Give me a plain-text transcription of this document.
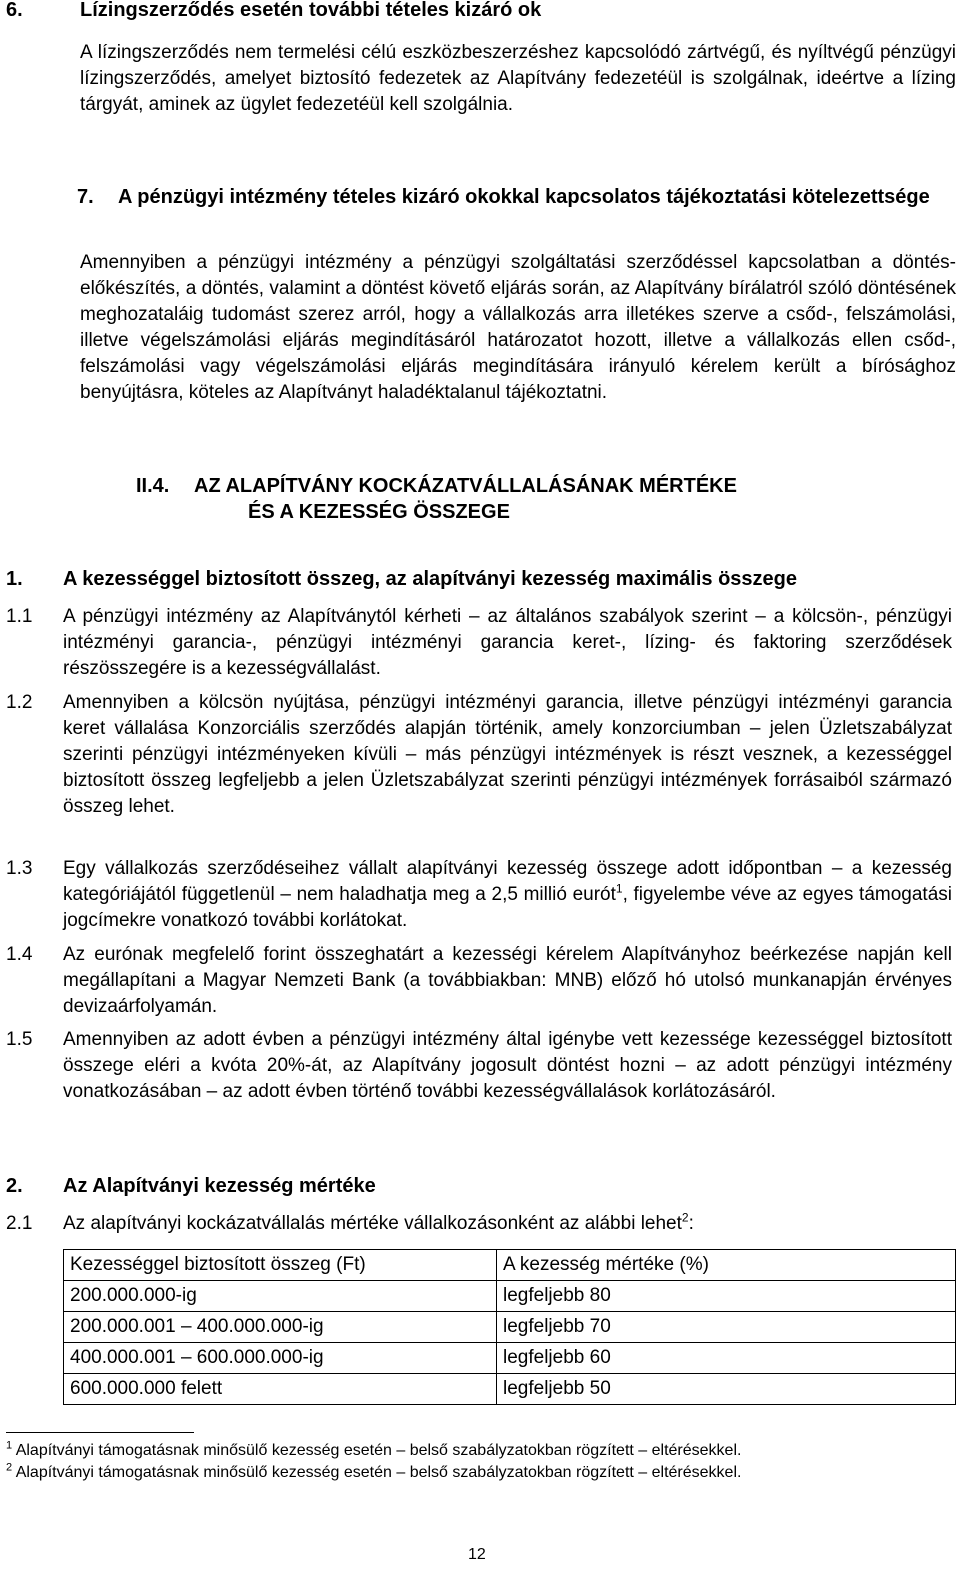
6.	Lízingszerződés esetén további tételes kizáró ok
A lízingszerződés nem termelési célú eszközbeszerzéshez kapcsolódó zártvégű, és nyíltvégű pénzügyi lízingszerződés, amelyet biztosító fedezetek az Alapítvány fedezetéül is szolgálnak, ideértve a lízing tárgyát, aminek az ügylet fedezetéül kell szolgálnia.
7.	A pénzügyi intézmény tételes kizáró okokkal kapcsolatos tájékoztatási kötelezettsége
Amennyiben a pénzügyi intézmény a pénzügyi szolgáltatási szerződéssel kapcsolatban a döntés-előkészítés, a döntés, valamint a döntést követő eljárás során, az Alapítvány bírálatról szóló döntésének meghozataláig tudomást szerez arról, hogy a vállalkozás arra illetékes szerve a csőd-, felszámolási, illetve végelszámolási eljárás megindításáról határozatot hozott, illetve a vállalkozás ellen csőd-, felszámolási vagy végelszámolási eljárás megindítására irányuló kérelem került a bírósághoz benyújtásra, köteles az Alapítványt haladéktalanul tájékoztatni.
II.4. AZ ALAPÍTVÁNY KOCKÁZATVÁLLALÁSÁNAK MÉRTÉKE
ÉS A KEZESSÉG ÖSSZEGE
1. A kezességgel biztosított összeg, az alapítványi kezesség maximális összege
1.1 A pénzügyi intézmény az Alapítványtól kérheti – az általános szabályok szerint – a kölcsön-, pénzügyi intézményi garancia-, pénzügyi intézményi garancia keret-, lízing- és faktoring szerződések részösszegére is a kezességvállalást.
1.2 Amennyiben a kölcsön nyújtása, pénzügyi intézményi garancia, illetve pénzügyi intézményi garancia keret vállalása Konzorciális szerződés alapján történik, amely konzorciumban – jelen Üzletszabályzat szerinti pénzügyi intézményeken kívüli – más pénzügyi intézmények is részt vesznek, a kezességgel biztosított összeg legfeljebb a jelen Üzletszabályzat szerinti pénzügyi intézmények forrásaiból származó összeg lehet.
1.3 Egy vállalkozás szerződéseihez vállalt alapítványi kezesség összege adott időpontban – a kezesség kategóriájától függetlenül – nem haladhatja meg a 2,5 millió eurót$^1$, figyelembe véve az egyes támogatási jogcímekre vonatkozó további korlátokat.
1.4 Az eurónak megfelelő forint összeghatárt a kezességi kérelem Alapítványhoz beérkezése napján kell megállapítani a Magyar Nemzeti Bank (a továbbiakban: MNB) előző hó utolsó munkanapján érvényes devizaárfolyamán.
1.5 Amennyiben az adott évben a pénzügyi intézmény által igénybe vett kezessége kezességgel biztosított összege eléri a kvóta 20%-át, az Alapítvány jogosult döntést hozni – az adott pénzügyi intézmény vonatkozásában – az adott évben történő további kezességvállalások korlátozásáról.
2. Az Alapítványi kezesség mértéke
2.1 Az alapítványi kockázatvállalás mértéke vállalkozásonként az alábbi lehet$^2$:
Kezességgel biztosított összeg (Ft)	A kezesség mértéke (%)
200.000.000-ig	legfeljebb 80
200.000.001 – 400.000.000-ig	legfeljebb 70
400.000.001 – 600.000.000-ig	legfeljebb 60
600.000.000 felett	legfeljebb 50
$^1$ Alapítványi támogatásnak minősülő kezesség esetén – belső szabályzatokban rögzített – eltérésekkel.
$^2$ Alapítványi támogatásnak minősülő kezesség esetén – belső szabályzatokban rögzített – eltérésekkel.
12
